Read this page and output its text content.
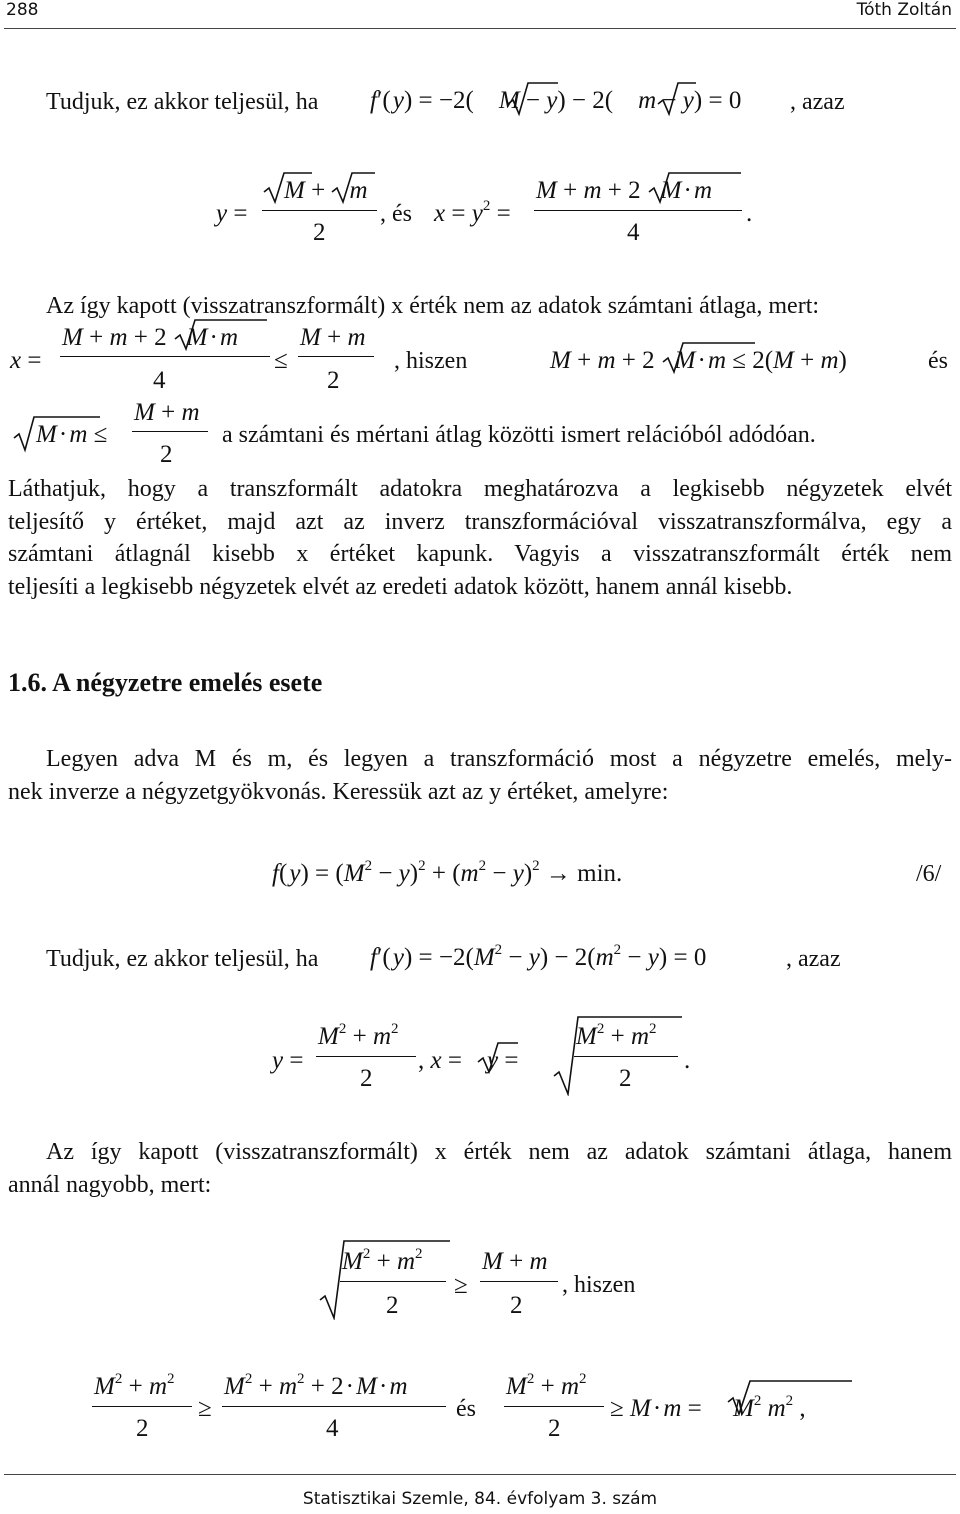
288	Tóth Zoltán
Tudjuk, ez akkor teljesül, ha f′( y) = −2(    M − y) − 2(    m − y) = 0 , azaz
y =
M + m
2
, és $x = y^2$ =
M + m + 2 M · m
4
.
Az így kapott (visszatranszformált) x érték nem az adatok számtani átlaga, mert:
x =
M + m + 2 M · m
4
≤
M + m
2
, hiszen	M + m + 2 M · m ≤ 2(M + m)	és
M · m ≤
M + m
2
a számtani és mértani átlag közötti ismert relációból adódóan.
Láthatjuk, hogy a transzformált adatokra meghatározva a legkisebb négyzetek elvét
teljesítő y értéket, majd azt az inverz transzformációval visszatranszformálva, egy a
számtani átlagnál kisebb x értéket kapunk. Vagyis a visszatranszformált érték nem
teljesíti a legkisebb négyzetek elvét az eredeti adatok között, hanem annál kisebb.
1.6. A négyzetre emelés esete
Legyen adva M és m, és legyen a transzformáció most a négyzetre emelés, mely-
nek inverze a négyzetgyökvonás. Keressük azt az y értéket, amelyre:
f( $y) = (M^2 - y)^2 + (m^2 - y)^2 \to \min$.	/6/
Tudjuk, ez akkor teljesül, ha f′( $y) = -2(M^2 - y) - 2(m^2 - y) = 0$	, azaz
y =
$M^2 + m^2$
2
, x =    y =
$M^2 + m^2$
2
.
Az így kapott (visszatranszformált) x érték nem az adatok számtani átlaga, hanem
annál nagyobb, mert:
$M^2 + m^2$
2
≥
M + m
2
, hiszen
$M^2 + m^2$
2
≥
$M^2 + m^2 + 2$ · M · m
4
és
$M^2 + m^2$
2
≥ M · m =     $M^2$ $m^2$ ,
Statisztikai Szemle, 84. évfolyam 3. szám
